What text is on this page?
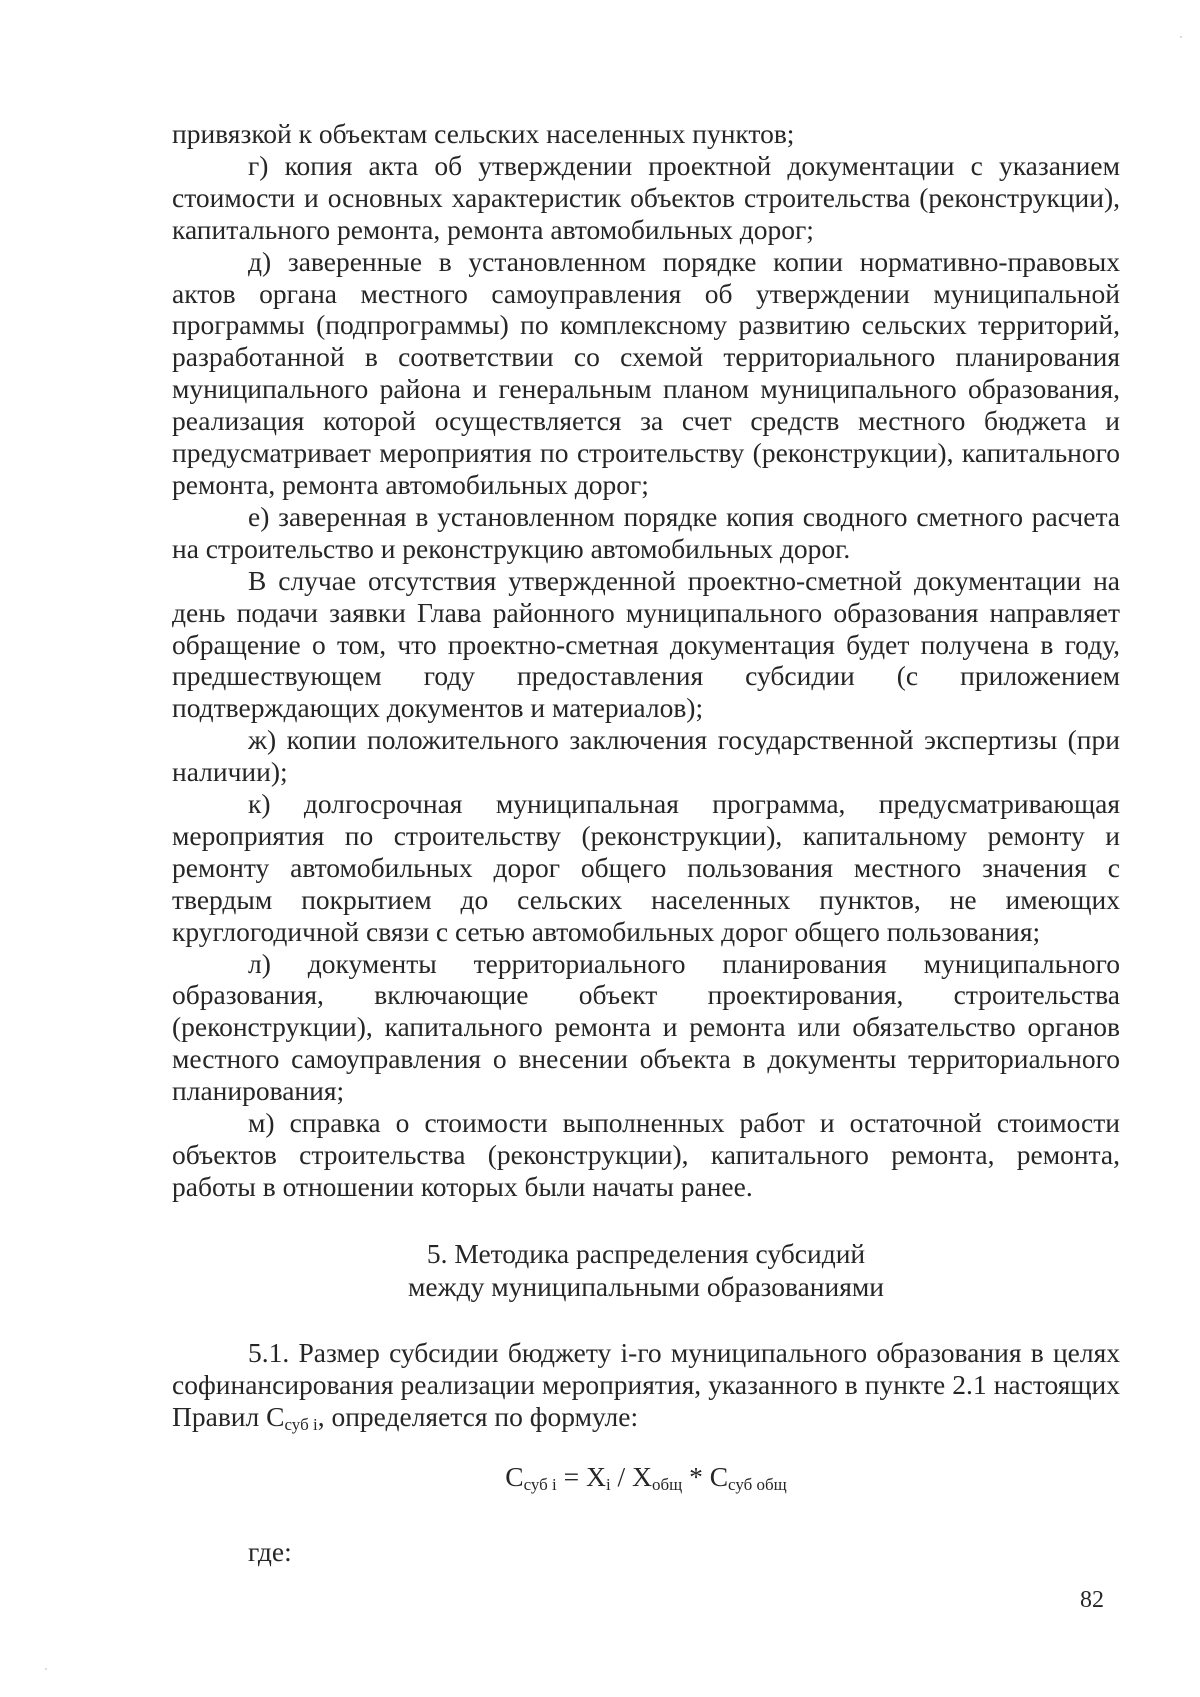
привязкой к объектам сельских населенных пунктов;

г) копия акта об утверждении проектной документации с указанием стоимости и основных характеристик объектов строительства (реконструкции), капитального ремонта, ремонта автомобильных дорог;

д) заверенные в установленном порядке копии нормативно-правовых актов органа местного самоуправления об утверждении муниципальной программы (подпрограммы) по комплексному развитию сельских территорий, разработанной в соответствии со схемой территориального планирования муниципального района и генеральным планом муниципального образования, реализация которой осуществляется за счет средств местного бюджета и предусматривает мероприятия по строительству (реконструкции), капитального ремонта, ремонта автомобильных дорог;

е) заверенная в установленном порядке копия сводного сметного расчета на строительство и реконструкцию автомобильных дорог.

В случае отсутствия утвержденной проектно-сметной документации на день подачи заявки Глава районного муниципального образования направляет обращение о том, что проектно-сметная документация будет получена в году, предшествующем году предоставления субсидии (с приложением подтверждающих документов и материалов);

ж) копии положительного заключения государственной экспертизы (при наличии);

к) долгосрочная муниципальная программа, предусматривающая мероприятия по строительству (реконструкции), капитальному ремонту и ремонту автомобильных дорог общего пользования местного значения с твердым покрытием до сельских населенных пунктов, не имеющих круглогодичной связи с сетью автомобильных дорог общего пользования;

л) документы территориального планирования муниципального образования, включающие объект проектирования, строительства (реконструкции), капитального ремонта и ремонта или обязательство органов местного самоуправления о внесении объекта в документы территориального планирования;

м) справка о стоимости выполненных работ и остаточной стоимости объектов строительства (реконструкции), капитального ремонта, ремонта, работы в отношении которых были начаты ранее.

5. Методика распределения субсидий
между муниципальными образованиями

5.1. Размер субсидии бюджету i-го муниципального образования в целях софинансирования реализации мероприятия, указанного в пункте 2.1 настоящих Правил Ссуб i, определяется по формуле:

$С_{суб i} = X_i / X_{общ} * С_{суб общ}$

где:

82
